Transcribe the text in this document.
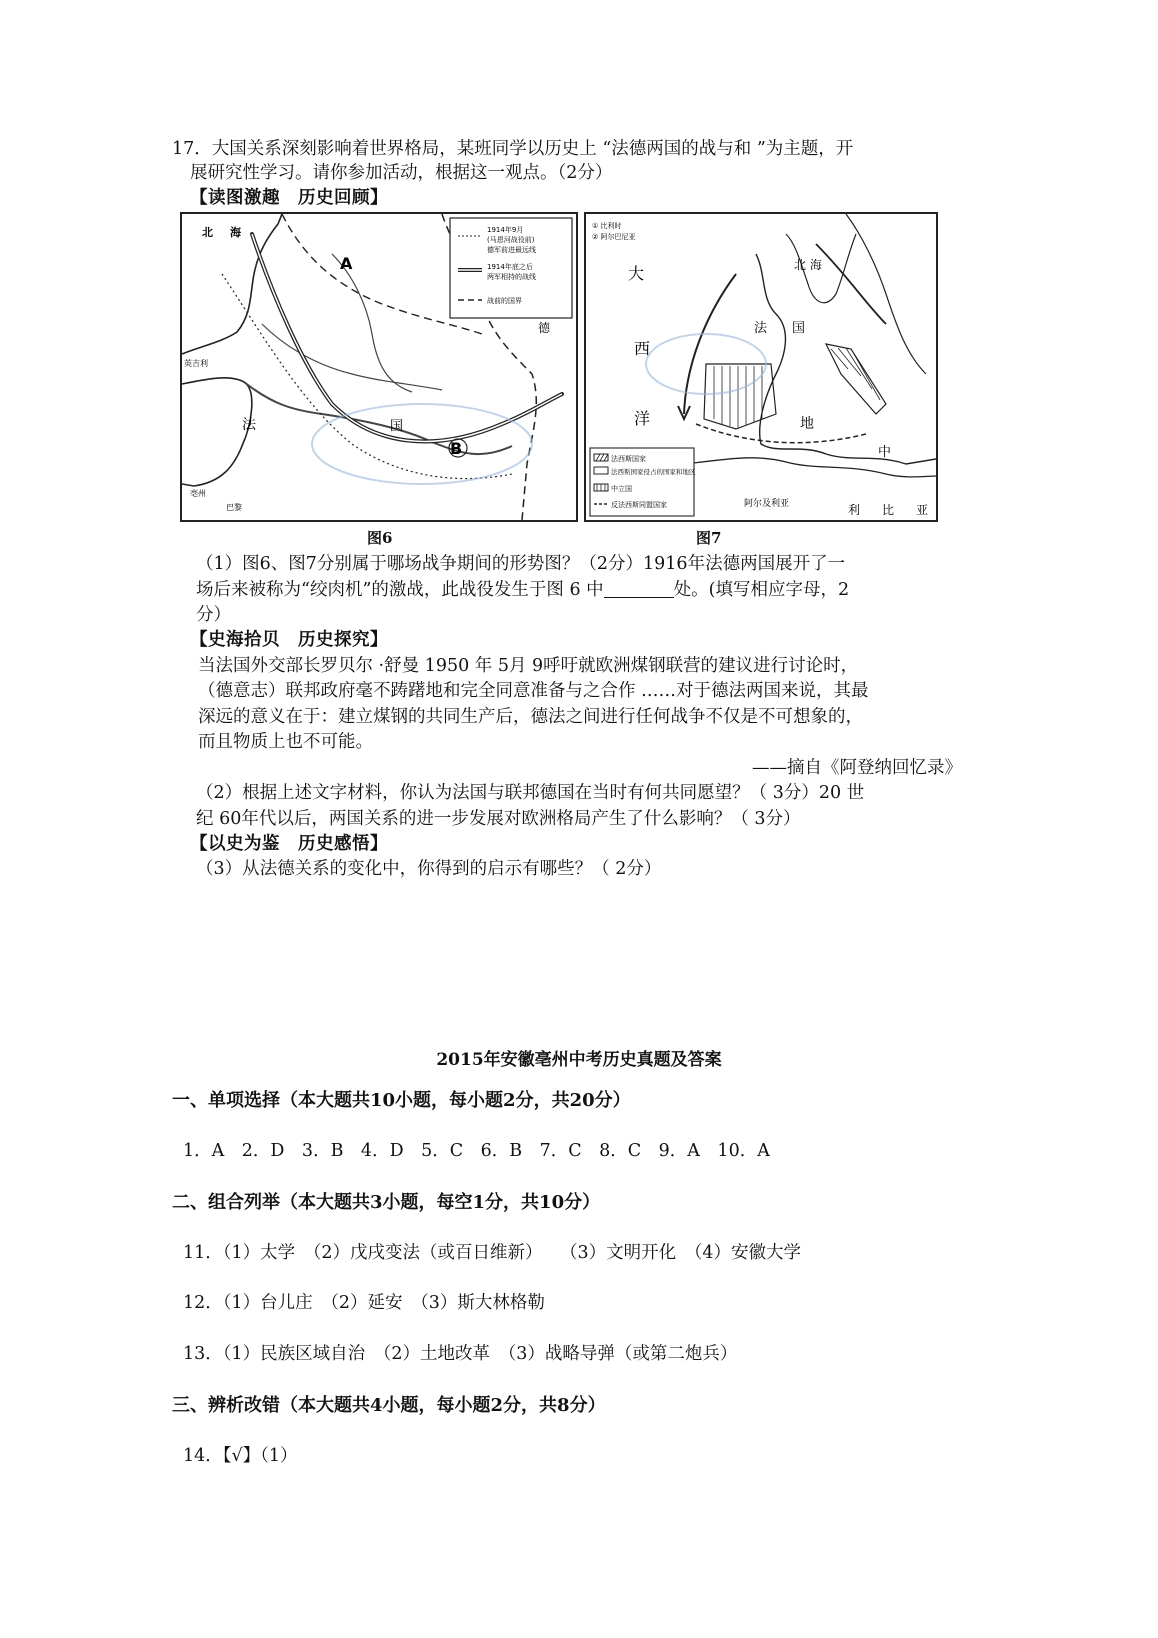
17．大国关系深刻影响着世界格局，某班同学以历史上 “法德两国的战与和 ”为主题，开
展研究性学习。请你参加活动，根据这一观点。（2分）
【读图激趣　历史回顾】
1914年9月
(马恩河战役前)
德军前进最远线
1914年底之后
两军相持的战线
战前的国界
北 海
A
B
法	国
德
亳州
巴黎
英吉利
图6
① 比利时
② 阿尔巴尼亚
法西斯国家
法西斯国家侵占的国家和地区
中立国
反法西斯同盟国家
大
西
洋
北 海
法 国
地
中
阿尔及利亚	利 比 亚
图7
（1）图6、图7分别属于哪场战争期间的形势图？（2分）1916年法德两国展开了一
场后来被称为“绞肉机”的激战，此战役发生于图 6 中	处。(填写相应字母，2
分）
【史海拾贝　历史探究】
当法国外交部长罗贝尔 ·舒曼 1950 年 5月 9呼吁就欧洲煤钢联营的建议进行讨论时，
（德意志）联邦政府毫不踌躇地和完全同意准备与之合作 ……对于德法两国来说，其最
深远的意义在于：建立煤钢的共同生产后，德法之间进行任何战争不仅是不可想象的，
而且物质上也不可能。
——摘自《阿登纳回忆录》
（2）根据上述文字材料，你认为法国与联邦德国在当时有何共同愿望？（ 3分）20 世
纪 60年代以后，两国关系的进一步发展对欧洲格局产生了什么影响？（ 3分）
【以史为鉴　历史感悟】
（3）从法德关系的变化中，你得到的启示有哪些？（ 2分）
2015年安徽亳州中考历史真题及答案
一、单项选择（本大题共10小题，每小题2分，共20分）
1．A　2．D　3．B　4．D　5．C　6．B　7．C　8．C　9．A　10．A
二、组合列举（本大题共3小题，每空1分，共10分）
11．（1）太学　（2）戊戌变法（或百日维新）　　（3）文明开化　（4）安徽大学
12．（1）台儿庄　（2）延安　（3）斯大林格勒
13．（1）民族区域自治　（2）土地改革　（3）战略导弹（或第二炮兵）
三、辨析改错（本大题共4小题，每小题2分，共8分）
14．【√】（1）
